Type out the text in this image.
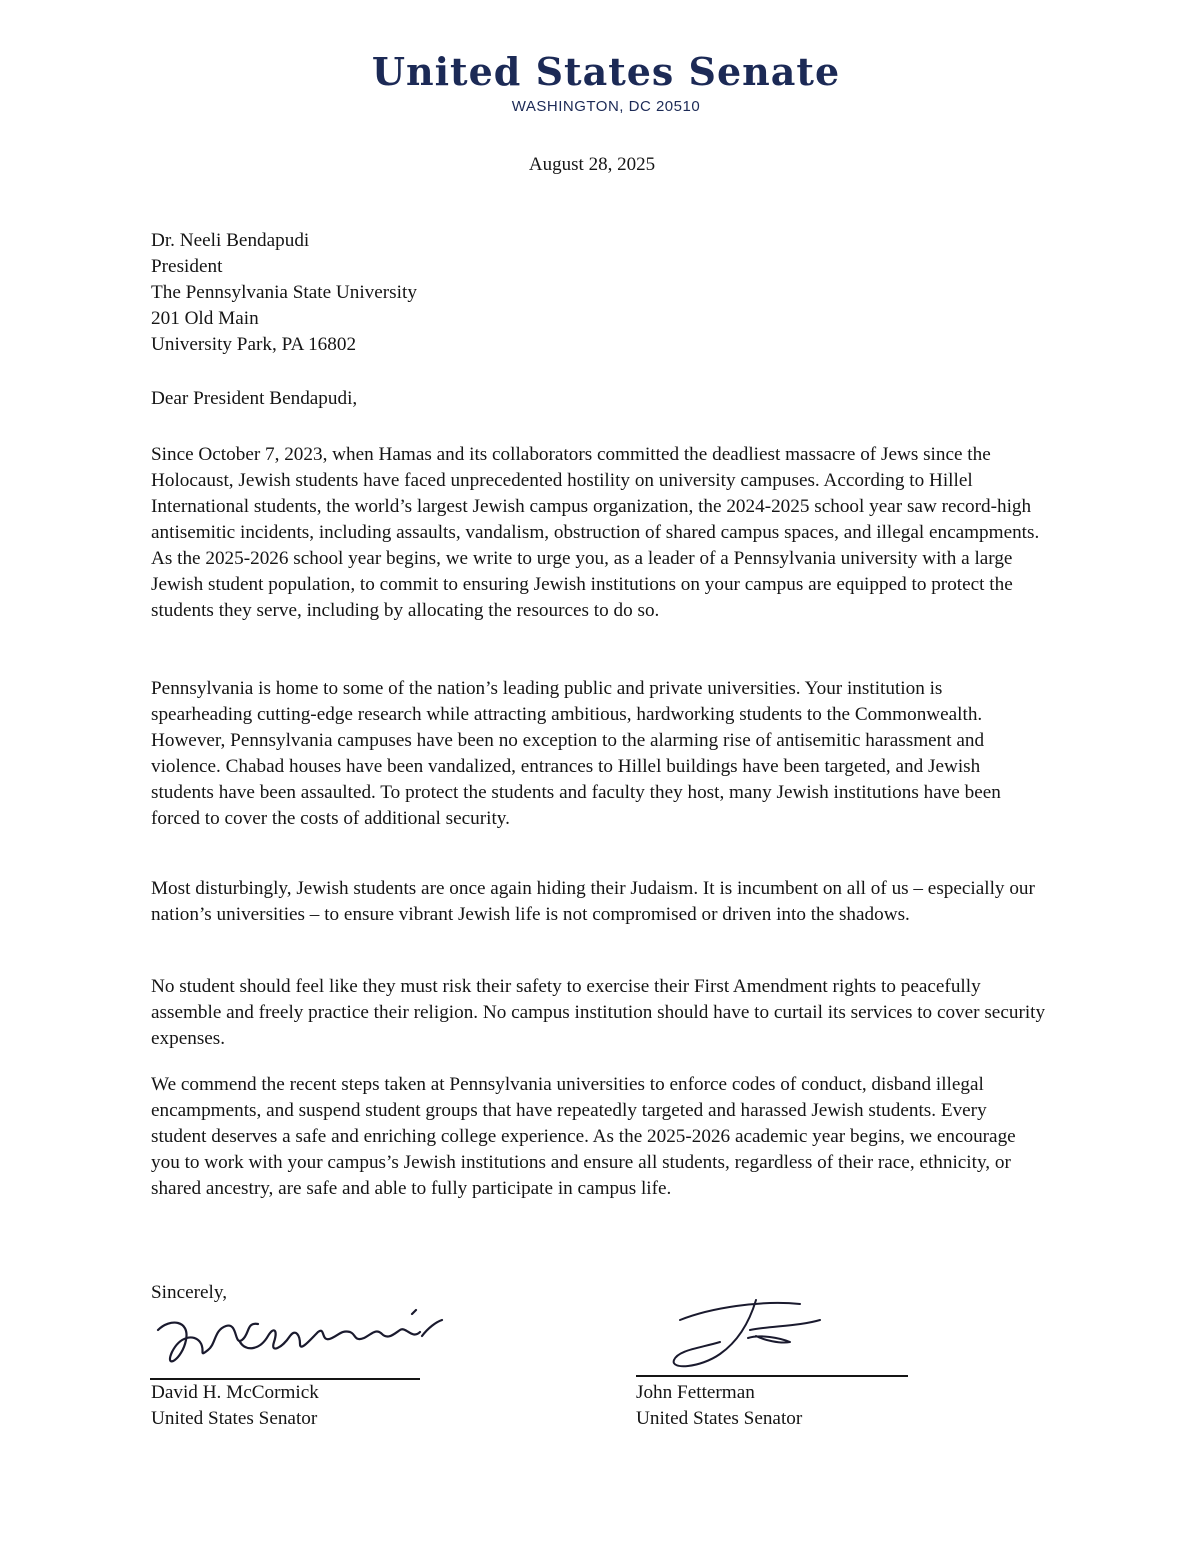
United States Senate
WASHINGTON, DC 20510
August 28, 2025
Dr. Neeli Bendapudi
President
The Pennsylvania State University
201 Old Main
University Park, PA 16802

Dear President Bendapudi,

Since October 7, 2023, when Hamas and its collaborators committed the deadliest massacre of Jews since the Holocaust, Jewish students have faced unprecedented hostility on university campuses. According to Hillel International students, the world’s largest Jewish campus organization, the 2024-2025 school year saw record-high antisemitic incidents, including assaults, vandalism, obstruction of shared campus spaces, and illegal encampments. As the 2025-2026 school year begins, we write to urge you, as a leader of a Pennsylvania university with a large Jewish student population, to commit to ensuring Jewish institutions on your campus are equipped to protect the students they serve, including by allocating the resources to do so.

Pennsylvania is home to some of the nation’s leading public and private universities. Your institution is spearheading cutting-edge research while attracting ambitious, hardworking students to the Commonwealth. However, Pennsylvania campuses have been no exception to the alarming rise of antisemitic harassment and violence. Chabad houses have been vandalized, entrances to Hillel buildings have been targeted, and Jewish students have been assaulted. To protect the students and faculty they host, many Jewish institutions have been forced to cover the costs of additional security.

Most disturbingly, Jewish students are once again hiding their Judaism. It is incumbent on all of us – especially our nation’s universities – to ensure vibrant Jewish life is not compromised or driven into the shadows.

No student should feel like they must risk their safety to exercise their First Amendment rights to peacefully assemble and freely practice their religion. No campus institution should have to curtail its services to cover security expenses.

We commend the recent steps taken at Pennsylvania universities to enforce codes of conduct, disband illegal encampments, and suspend student groups that have repeatedly targeted and harassed Jewish students. Every student deserves a safe and enriching college experience. As the 2025-2026 academic year begins, we encourage you to work with your campus’s Jewish institutions and ensure all students, regardless of their race, ethnicity, or shared ancestry, are safe and able to fully participate in campus life.

Sincerely,

David H. McCormick
United States Senator
John Fetterman
United States Senator
